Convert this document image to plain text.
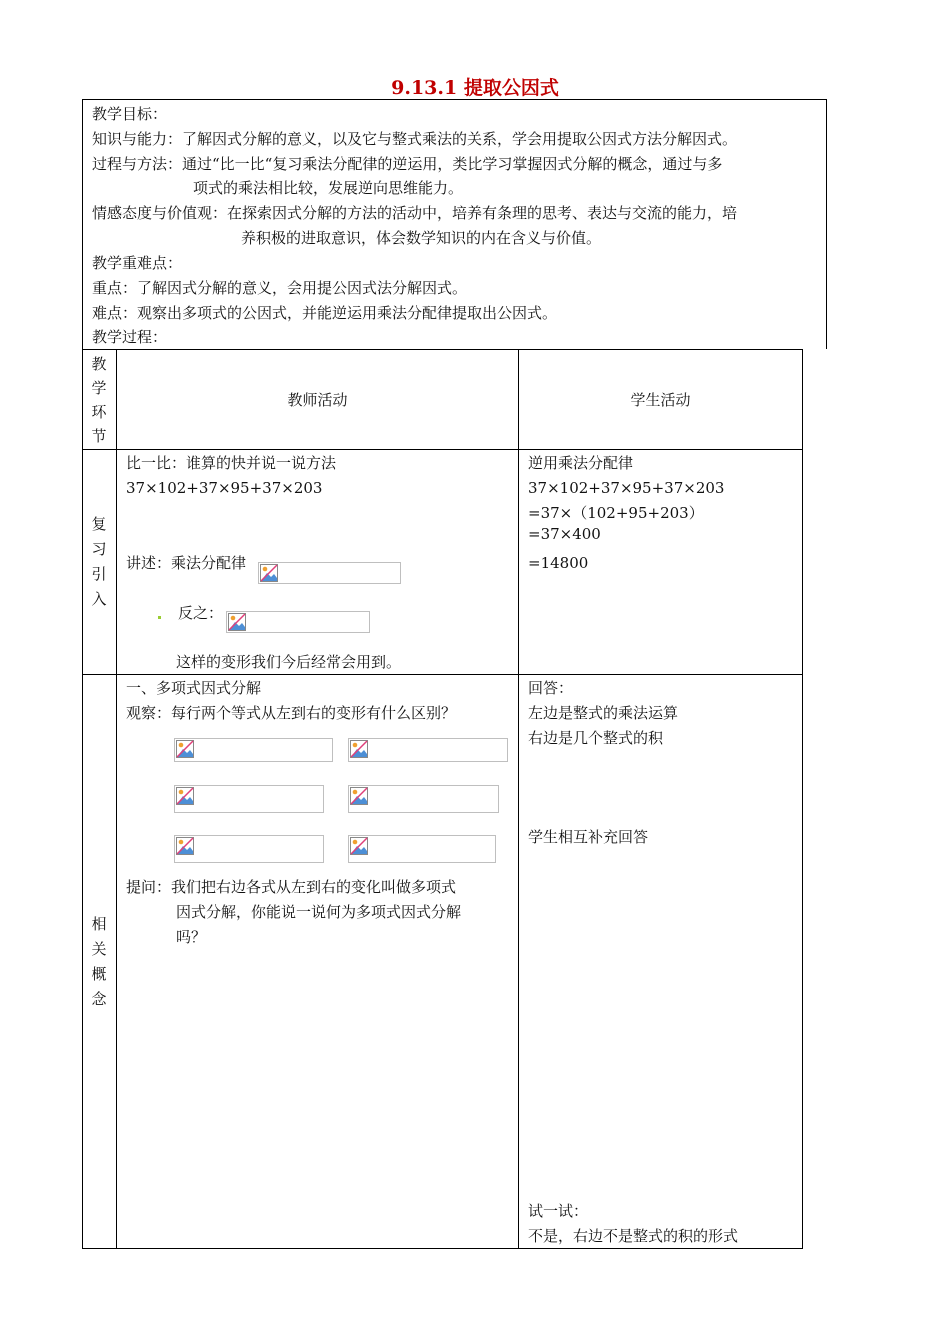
9.13.1 提取公因式
教学目标：
知识与能力：了解因式分解的意义，以及它与整式乘法的关系，学会用提取公因式方法分解因式。
过程与方法：通过“比一比“复习乘法分配律的逆运用，类比学习掌握因式分解的概念，通过与多
项式的乘法相比较，发展逆向思维能力。
情感态度与价值观：在探索因式分解的方法的活动中，培养有条理的思考、表达与交流的能力，培
养积极的进取意识，体会数学知识的内在含义与价值。
教学重难点：
重点：了解因式分解的意义，会用提公因式法分解因式。
难点：观察出多项式的公因式，并能逆运用乘法分配律提取出公因式。
教学过程：
教
学
环
节
教师活动	学生活动
复
习
引
入
比一比：谁算的快并说一说方法
37×102+37×95+37×203
讲述：乘法分配律
反之：
这样的变形我们今后经常会用到。
逆用乘法分配律
37×102+37×95+37×203
=37×（102+95+203）
=37×400
=14800
相
关
概
念
一、多项式因式分解
观察：每行两个等式从左到右的变形有什么区别？
提问：我们把右边各式从左到右的变化叫做多项式
因式分解，你能说一说何为多项式因式分解
吗？
回答：
左边是整式的乘法运算
右边是几个整式的积
学生相互补充回答
试一试：
不是，右边不是整式的积的形式
